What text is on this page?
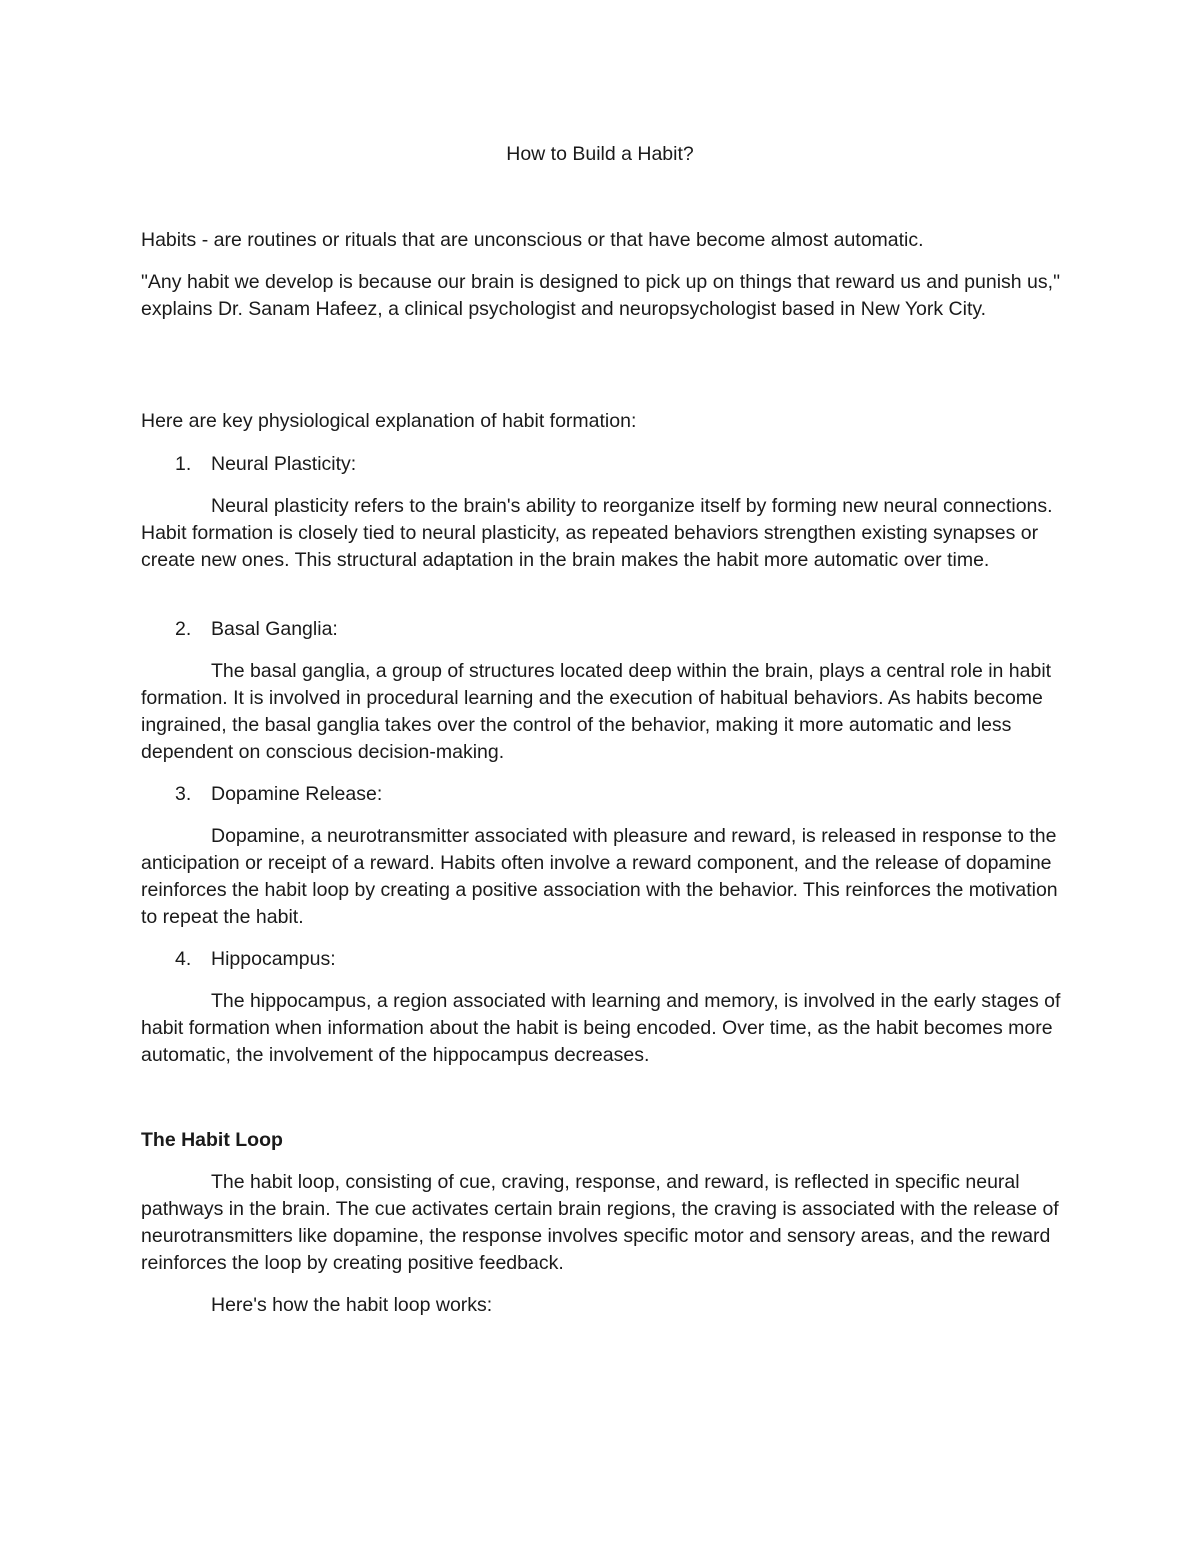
How to Build a Habit?

Habits - are routines or rituals that are unconscious or that have become almost automatic.

"Any habit we develop is because our brain is designed to pick up on things that reward us and punish us," explains Dr. Sanam Hafeez, a clinical psychologist and neuropsychologist based in New York City.

Here are key physiological explanation of habit formation:

1. Neural Plasticity:

Neural plasticity refers to the brain's ability to reorganize itself by forming new neural connections. Habit formation is closely tied to neural plasticity, as repeated behaviors strengthen existing synapses or create new ones. This structural adaptation in the brain makes the habit more automatic over time.

2. Basal Ganglia:

The basal ganglia, a group of structures located deep within the brain, plays a central role in habit formation. It is involved in procedural learning and the execution of habitual behaviors. As habits become ingrained, the basal ganglia takes over the control of the behavior, making it more automatic and less dependent on conscious decision-making.

3. Dopamine Release:

Dopamine, a neurotransmitter associated with pleasure and reward, is released in response to the anticipation or receipt of a reward. Habits often involve a reward component, and the release of dopamine reinforces the habit loop by creating a positive association with the behavior. This reinforces the motivation to repeat the habit.

4. Hippocampus:

The hippocampus, a region associated with learning and memory, is involved in the early stages of habit formation when information about the habit is being encoded. Over time, as the habit becomes more automatic, the involvement of the hippocampus decreases.

The Habit Loop

The habit loop, consisting of cue, craving, response, and reward, is reflected in specific neural pathways in the brain. The cue activates certain brain regions, the craving is associated with the release of neurotransmitters like dopamine, the response involves specific motor and sensory areas, and the reward reinforces the loop by creating positive feedback.

Here's how the habit loop works:
